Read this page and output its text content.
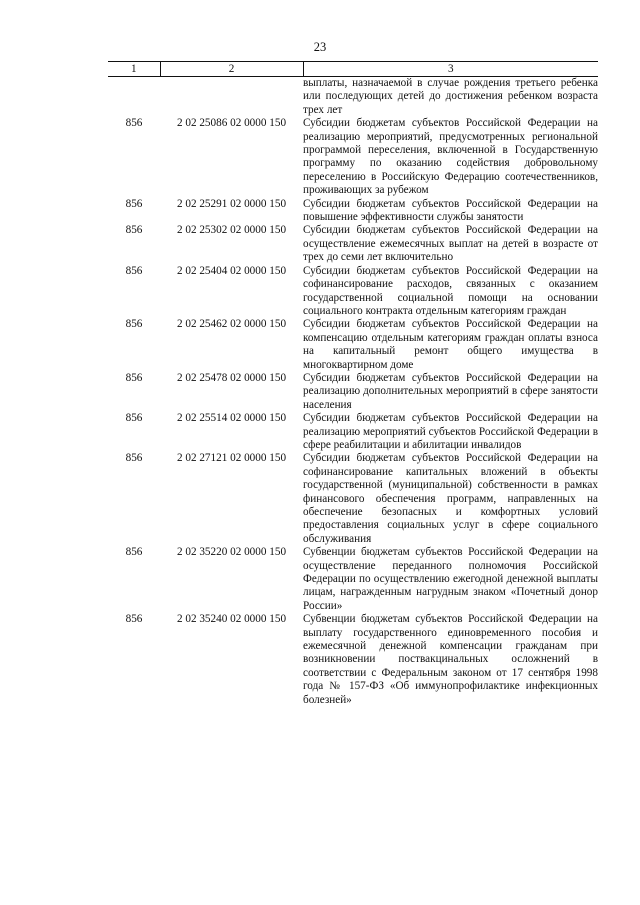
23
1	2	3
		выплаты, назначаемой в случае рождения третьего ребенка или последующих детей до достижения ребенком возраста трех лет
856	2 02 25086 02 0000 150	Субсидии бюджетам субъектов Российской Федерации на реализацию мероприятий, предусмотренных региональной программой переселения, включенной в Государственную программу по оказанию содействия добровольному переселению в Российскую Федерацию соотечественников, проживающих за рубежом
856	2 02 25291 02 0000 150	Субсидии бюджетам субъектов Российской Федерации на повышение эффективности службы занятости
856	2 02 25302 02 0000 150	Субсидии бюджетам субъектов Российской Федерации на осуществление ежемесячных выплат на детей в возрасте от трех до семи лет включительно
856	2 02 25404 02 0000 150	Субсидии бюджетам субъектов Российской Федерации на софинансирование расходов, связанных с оказанием государственной социальной помощи на основании социального контракта отдельным категориям граждан
856	2 02 25462 02 0000 150	Субсидии бюджетам субъектов Российской Федерации на компенсацию отдельным категориям граждан оплаты взноса на капитальный ремонт общего имущества в многоквартирном доме
856	2 02 25478 02 0000 150	Субсидии бюджетам субъектов Российской Федерации на реализацию дополнительных мероприятий в сфере занятости населения
856	2 02 25514 02 0000 150	Субсидии бюджетам субъектов Российской Федерации на реализацию мероприятий субъектов Российской Федерации в сфере реабилитации и абилитации инвалидов
856	2 02 27121 02 0000 150	Субсидии бюджетам субъектов Российской Федерации на софинансирование капитальных вложений в объекты государственной (муниципальной) собственности в рамках финансового обеспечения программ, направленных на обеспечение безопасных и комфортных условий предоставления социальных услуг в сфере социального обслуживания
856	2 02 35220 02 0000 150	Субвенции бюджетам субъектов Российской Федерации на осуществление переданного полномочия Российской Федерации по осуществлению ежегодной денежной выплаты лицам, награжденным нагрудным знаком «Почетный донор России»
856	2 02 35240 02 0000 150	Субвенции бюджетам субъектов Российской Федерации на выплату государственного единовременного пособия и ежемесячной денежной компенсации гражданам при возникновении поствакцинальных осложнений в соответствии с Федеральным законом от 17 сентября 1998 года № 157-ФЗ «Об иммунопрофилактике инфекционных болезней»
